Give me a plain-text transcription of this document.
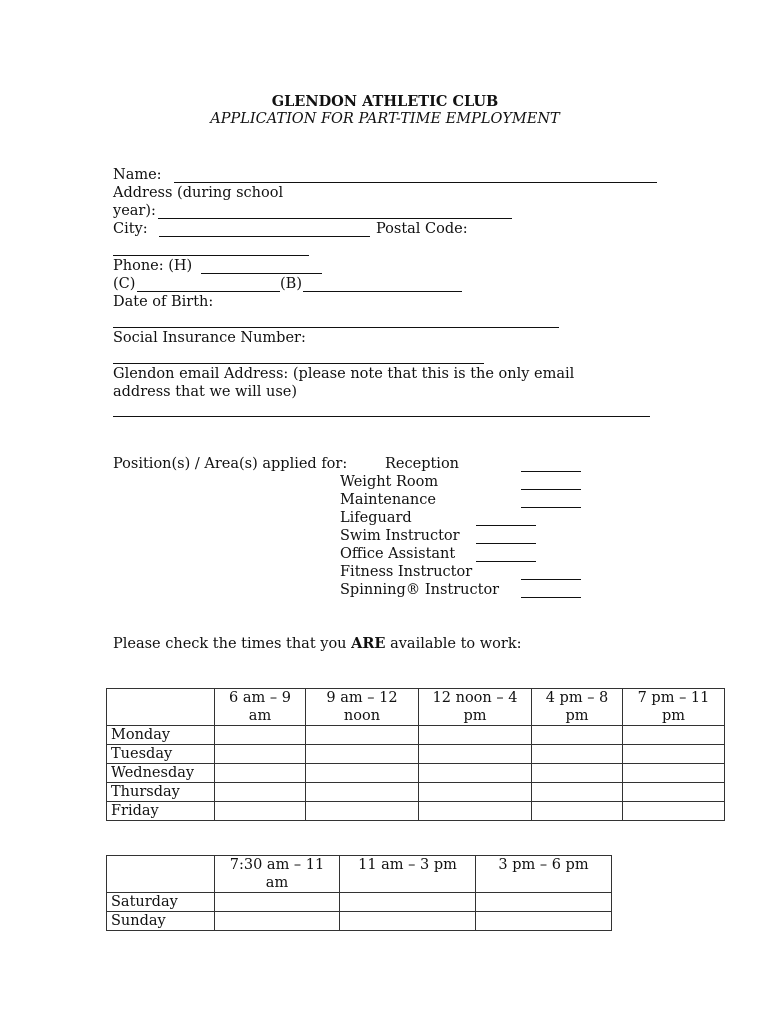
GLENDON ATHLETIC CLUB
APPLICATION FOR PART-TIME EMPLOYMENT
Name:
Address (during school
year):
City:	Postal Code:
Phone: (H)
(C)	(B)
Date of Birth:
Social Insurance Number:
Glendon email Address: (please note that this is the only email
address that we will use)
Position(s) / Area(s) applied for:	Reception
Weight Room
Maintenance
Lifeguard
Swim Instructor
Office Assistant
Fitness Instructor
Spinning® Instructor
Please check the times that you ARE available to work:
	6 am – 9 am	9 am – 12 noon	12 noon – 4 pm	4 pm – 8 pm	7 pm – 11 pm
Monday					
Tuesday					
Wednesday					
Thursday					
Friday					
	7:30 am – 11 am	11 am – 3 pm	3 pm – 6 pm
Saturday			
Sunday			
